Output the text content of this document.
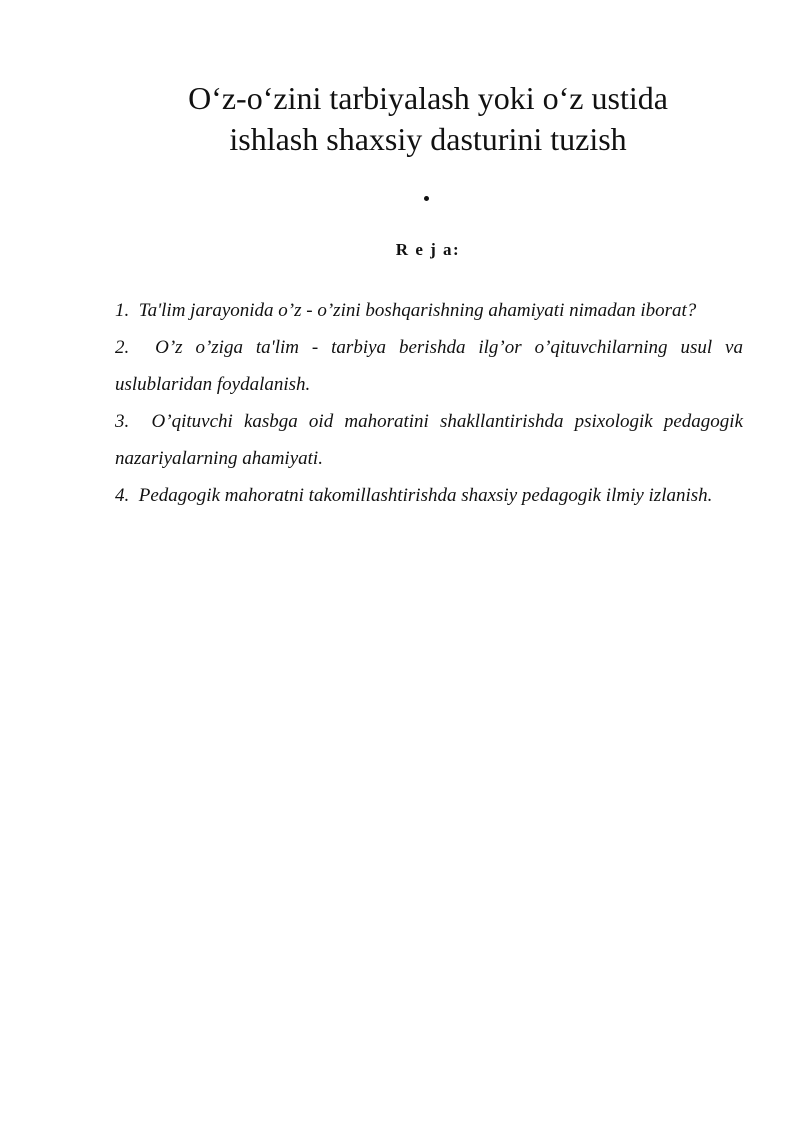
O‘z-o‘zini tarbiyalash yoki o‘z ustida
ishlash shaxsiy dasturini tuzish

R e j a:

1. Ta'lim jarayonida o’z - o’zini boshqarishning ahamiyati nimadan iborat?
2. O’z o’ziga ta'lim - tarbiya berishda ilg’or o’qituvchilarning usul va uslublaridan foydalanish.
3. O’qituvchi kasbga oid mahoratini shakllantirishda psixologik pedagogik nazariyalarning ahamiyati.
4. Pedagogik mahoratni takomillashtirishda shaxsiy pedagogik ilmiy izlanish.
